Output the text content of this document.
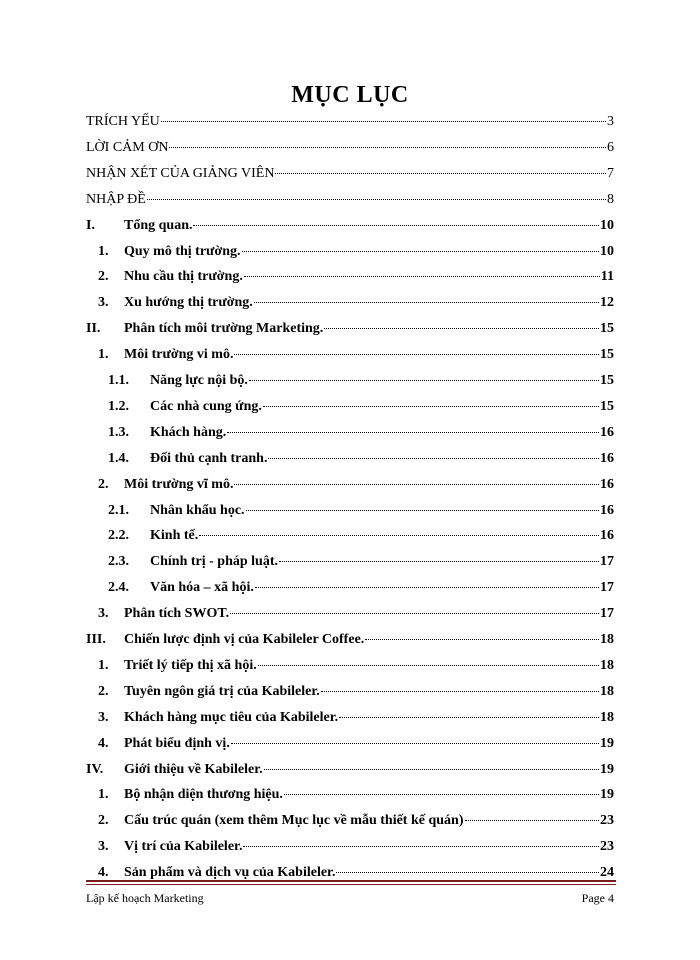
MỤC LỤC
TRÍCH YẾU	3
LỜI CẢM ƠN	6
NHẬN XÉT CỦA GIẢNG VIÊN	7
NHẬP ĐỀ	8
I.	Tổng quan.	10
1.	Quy mô thị trường.	10
2.	Nhu cầu thị trường.	11
3.	Xu hướng thị trường.	12
II.	Phân tích môi trường Marketing.	15
1.	Môi trường vi mô.	15
1.1.	Năng lực nội bộ.	15
1.2.	Các nhà cung ứng.	15
1.3.	Khách hàng.	16
1.4.	Đối thủ cạnh tranh.	16
2.	Môi trường vĩ mô.	16
2.1.	Nhân khẩu học.	16
2.2.	Kinh tế.	16
2.3.	Chính trị - pháp luật.	17
2.4.	Văn hóa – xã hội.	17
3.	Phân tích SWOT.	17
III.	Chiến lược định vị của Kabileler Coffee.	18
1.	Triết lý tiếp thị xã hội.	18
2.	Tuyên ngôn giá trị của Kabileler.	18
3.	Khách hàng mục tiêu của Kabileler.	18
4.	Phát biểu định vị.	19
IV.	Giới thiệu về Kabileler.	19
1.	Bộ nhận diện thương hiệu.	19
2.	Cấu trúc quán (xem thêm Mục lục về mẫu thiết kế quán)	23
3.	Vị trí của Kabileler.	23
4.	Sản phẩm và dịch vụ của Kabileler.	24
Lập kế hoạch Marketing	Page 4
